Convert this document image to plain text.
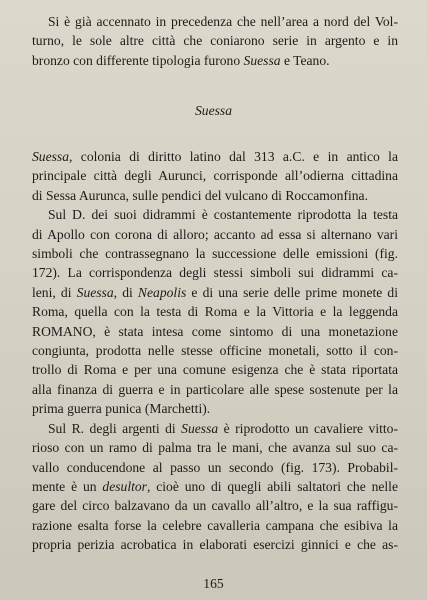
Si è già accennato in precedenza che nell’area a nord del Vol-
turno, le sole altre città che coniarono serie in argento e in
bronzo con differente tipologia furono Suessa e Teano.
Suessa
Suessa, colonia di diritto latino dal 313 a.C. e in antico la
principale città degli Aurunci, corrisponde all’odierna cittadina
di Sessa Aurunca, sulle pendici del vulcano di Roccamonfina.
Sul D. dei suoi didrammi è costantemente riprodotta la testa
di Apollo con corona di alloro; accanto ad essa si alternano vari
simboli che contrassegnano la successione delle emissioni (fig.
172). La corrispondenza degli stessi simboli sui didrammi ca-
leni, di Suessa, di Neapolis e di una serie delle prime monete di
Roma, quella con la testa di Roma e la Vittoria e la leggenda
ROMANO, è stata intesa come sintomo di una monetazione
congiunta, prodotta nelle stesse officine monetali, sotto il con-
trollo di Roma e per una comune esigenza che è stata riportata
alla finanza di guerra e in particolare alle spese sostenute per la
prima guerra punica (Marchetti).
Sul R. degli argenti di Suessa è riprodotto un cavaliere vitto-
rioso con un ramo di palma tra le mani, che avanza sul suo ca-
vallo conducendone al passo un secondo (fig. 173). Probabil-
mente è un desultor, cioè uno di quegli abili saltatori che nelle
gare del circo balzavano da un cavallo all’altro, e la sua raffigu-
razione esalta forse la celebre cavalleria campana che esibiva la
propria perizia acrobatica in elaborati esercizi ginnici e che as-
165
